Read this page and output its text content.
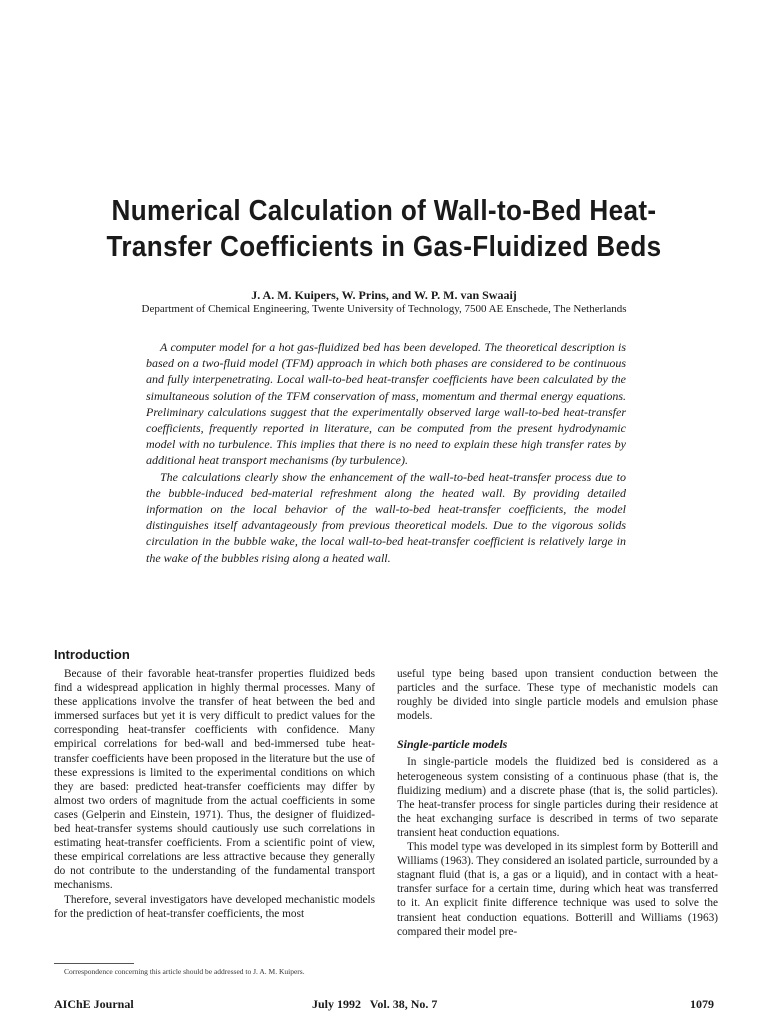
Numerical Calculation of Wall-to-Bed Heat-
Transfer Coefficients in Gas-Fluidized Beds
J. A. M. Kuipers, W. Prins, and W. P. M. van Swaaij
Department of Chemical Engineering, Twente University of Technology, 7500 AE Enschede, The Netherlands

A computer model for a hot gas-fluidized bed has been developed. The theoretical description is based on a two-fluid model (TFM) approach in which both phases are considered to be continuous and fully interpenetrating. Local wall-to-bed heat-transfer coefficients have been calculated by the simultaneous solution of the TFM conservation of mass, momentum and thermal energy equations. Preliminary calculations suggest that the experimentally observed large wall-to-bed heat-transfer coefficients, frequently reported in literature, can be computed from the present hydrodynamic model with no turbulence. This implies that there is no need to explain these high transfer rates by additional heat transport mechanisms (by turbulence).

The calculations clearly show the enhancement of the wall-to-bed heat-transfer process due to the bubble-induced bed-material refreshment along the heated wall. By providing detailed information on the local behavior of the wall-to-bed heat-transfer coefficients, the model distinguishes itself advantageously from previous theoretical models. Due to the vigorous solids circulation in the bubble wake, the local wall-to-bed heat-transfer coefficient is relatively large in the wake of the bubbles rising along a heated wall.

Introduction

Because of their favorable heat-transfer properties fluidized beds find a widespread application in highly thermal processes. Many of these applications involve the transfer of heat between the bed and immersed surfaces but yet it is very difficult to predict values for the corresponding heat-transfer coefficients with confidence. Many empirical correlations for bed-wall and bed-immersed tube heat-transfer coefficients have been proposed in the literature but the use of these expressions is limited to the experimental conditions on which they are based: predicted heat-transfer coefficients may differ by almost two orders of magnitude from the actual coefficients in some cases (Gelperin and Einstein, 1971). Thus, the designer of fluidized-bed heat-transfer systems should cautiously use such correlations in estimating heat-transfer coefficients. From a scientific point of view, these empirical correlations are less attractive because they generally do not contribute to the understanding of the fundamental transport mechanisms.

Therefore, several investigators have developed mechanistic models for the prediction of heat-transfer coefficients, the most

useful type being based upon transient conduction between the particles and the surface. These type of mechanistic models can roughly be divided into single particle models and emulsion phase models.

Single-particle models

In single-particle models the fluidized bed is considered as a heterogeneous system consisting of a continuous phase (that is, the fluidizing medium) and a discrete phase (that is, the solid particles). The heat-transfer process for single particles during their residence at the heat exchanging surface is described in terms of two separate transient heat conduction equations.

This model type was developed in its simplest form by Botterill and Williams (1963). They considered an isolated particle, surrounded by a stagnant fluid (that is, a gas or a liquid), and in contact with a heat-transfer surface for a certain time, during which heat was transferred to it. An explicit finite difference technique was used to solve the transient heat conduction equations. Botterill and Williams (1963) compared their model pre-

Correspondence concerning this article should be addressed to J. A. M. Kuipers.
AIChE Journal	July 1992   Vol. 38, No. 7	1079
